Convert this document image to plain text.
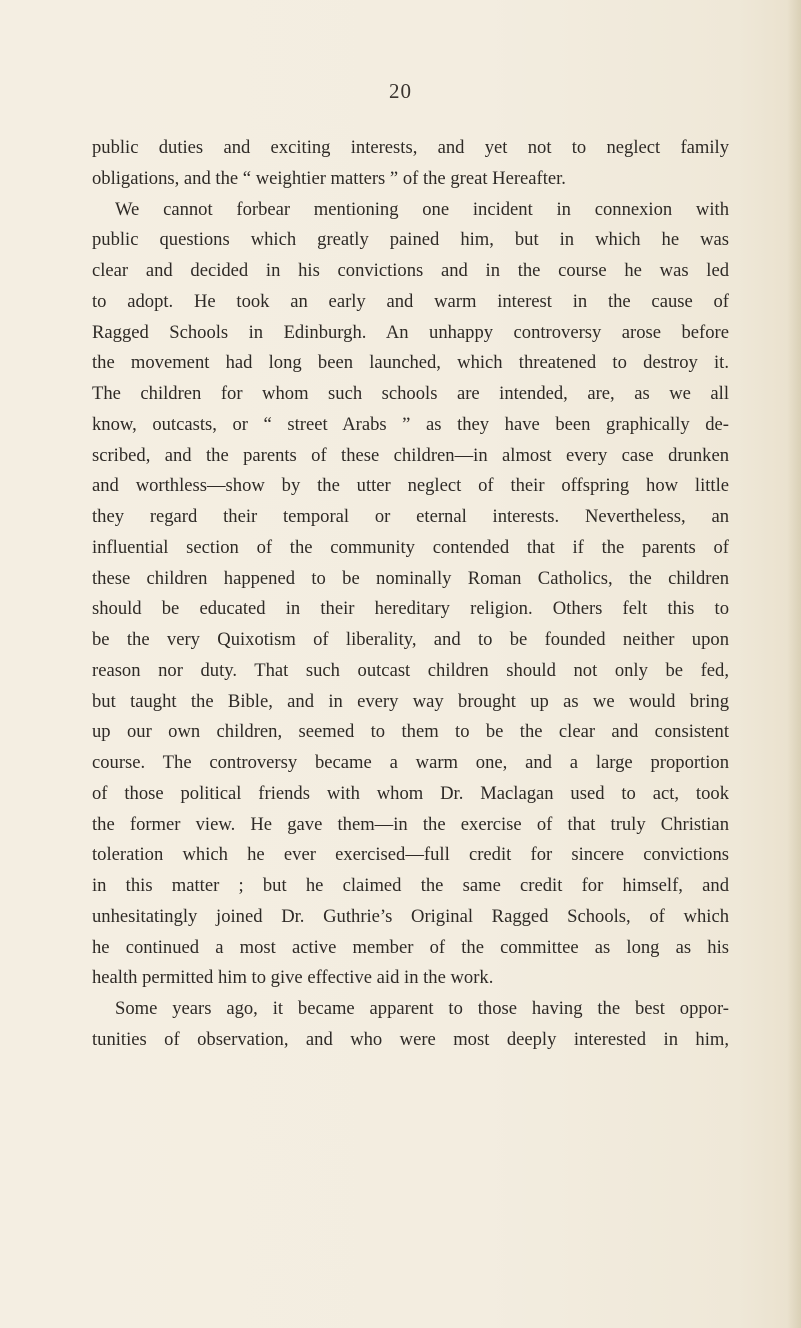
20
public duties and exciting interests, and yet not to neglect family
obligations, and the “ weightier matters ” of the great Hereafter.
We cannot forbear mentioning one incident in connexion with
public questions which greatly pained him, but in which he was
clear and decided in his convictions and in the course he was led
to adopt. He took an early and warm interest in the cause of
Ragged Schools in Edinburgh. An unhappy controversy arose before
the movement had long been launched, which threatened to destroy it.
The children for whom such schools are intended, are, as we all
know, outcasts, or “ street Arabs ” as they have been graphically de-
scribed, and the parents of these children—in almost every case drunken
and worthless—show by the utter neglect of their offspring how little
they regard their temporal or eternal interests. Nevertheless, an
influential section of the community contended that if the parents of
these children happened to be nominally Roman Catholics, the children
should be educated in their hereditary religion. Others felt this to
be the very Quixotism of liberality, and to be founded neither upon
reason nor duty. That such outcast children should not only be fed,
but taught the Bible, and in every way brought up as we would bring
up our own children, seemed to them to be the clear and consistent
course. The controversy became a warm one, and a large proportion
of those political friends with whom Dr. Maclagan used to act, took
the former view. He gave them—in the exercise of that truly Christian
toleration which he ever exercised—full credit for sincere convictions
in this matter ; but he claimed the same credit for himself, and
unhesitatingly joined Dr. Guthrie’s Original Ragged Schools, of which
he continued a most active member of the committee as long as his
health permitted him to give effective aid in the work.
Some years ago, it became apparent to those having the best oppor-
tunities of observation, and who were most deeply interested in him,
